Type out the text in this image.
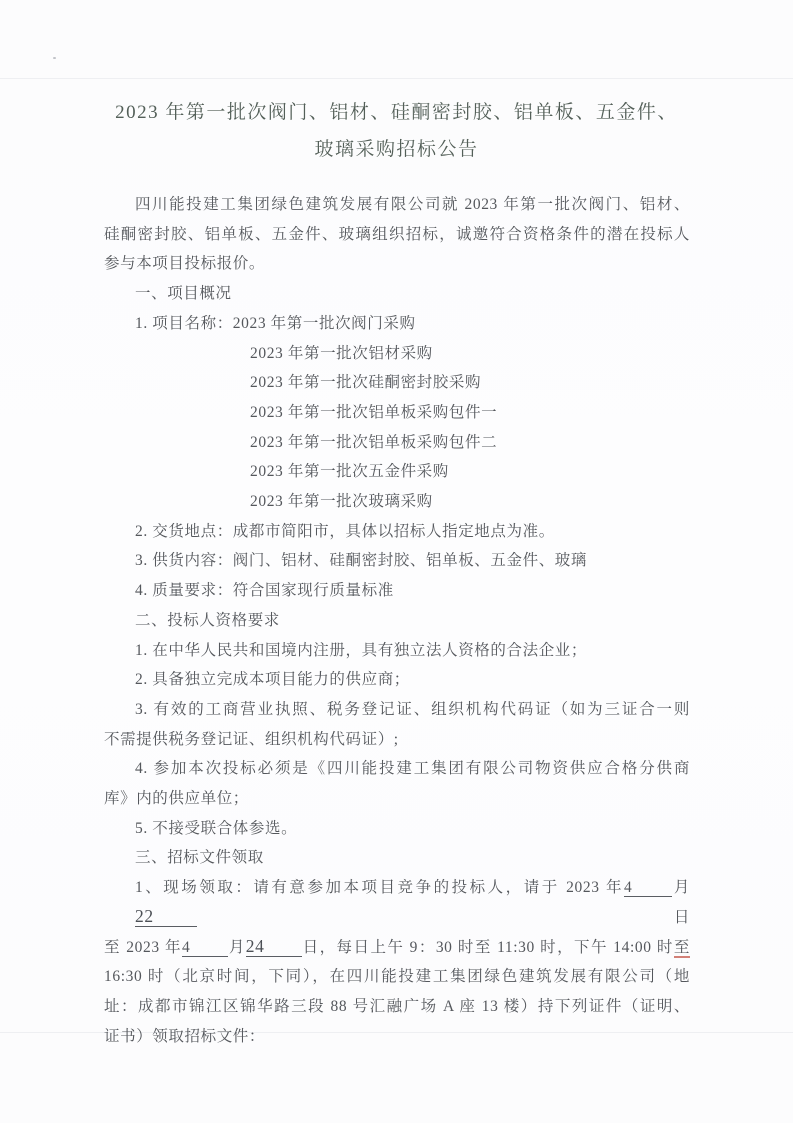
2023 年第一批次阀门、铝材、硅酮密封胶、铝单板、五金件、
玻璃采购招标公告
四川能投建工集团绿色建筑发展有限公司就 2023 年第一批次阀门、铝材、
硅酮密封胶、铝单板、五金件、玻璃组织招标，诚邀符合资格条件的潜在投标人
参与本项目投标报价。
一、项目概况
1. 项目名称：2023 年第一批次阀门采购
2023 年第一批次铝材采购
2023 年第一批次硅酮密封胶采购
2023 年第一批次铝单板采购包件一
2023 年第一批次铝单板采购包件二
2023 年第一批次五金件采购
2023 年第一批次玻璃采购
2. 交货地点：成都市简阳市，具体以招标人指定地点为准。
3. 供货内容：阀门、铝材、硅酮密封胶、铝单板、五金件、玻璃
4. 质量要求：符合国家现行质量标准
二、投标人资格要求
1. 在中华人民共和国境内注册，具有独立法人资格的合法企业；
2. 具备独立完成本项目能力的供应商；
3. 有效的工商营业执照、税务登记证、组织机构代码证（如为三证合一则
不需提供税务登记证、组织机构代码证）;
4. 参加本次投标必须是《四川能投建工集团有限公司物资供应合格分供商
库》内的供应单位；
5. 不接受联合体参选。
三、招标文件领取
1、现场领取：请有意参加本项目竞争的投标人，请于 2023 年4	月22	日
至 2023 年4 月24 日，每日上午 9：30 时至 11:30 时，下午 14:00 时至
16:30 时（北京时间，下同），在四川能投建工集团绿色建筑发展有限公司（地
址：成都市锦江区锦华路三段 88 号汇融广场 A 座 13 楼）持下列证件（证明、
证书）领取招标文件：
